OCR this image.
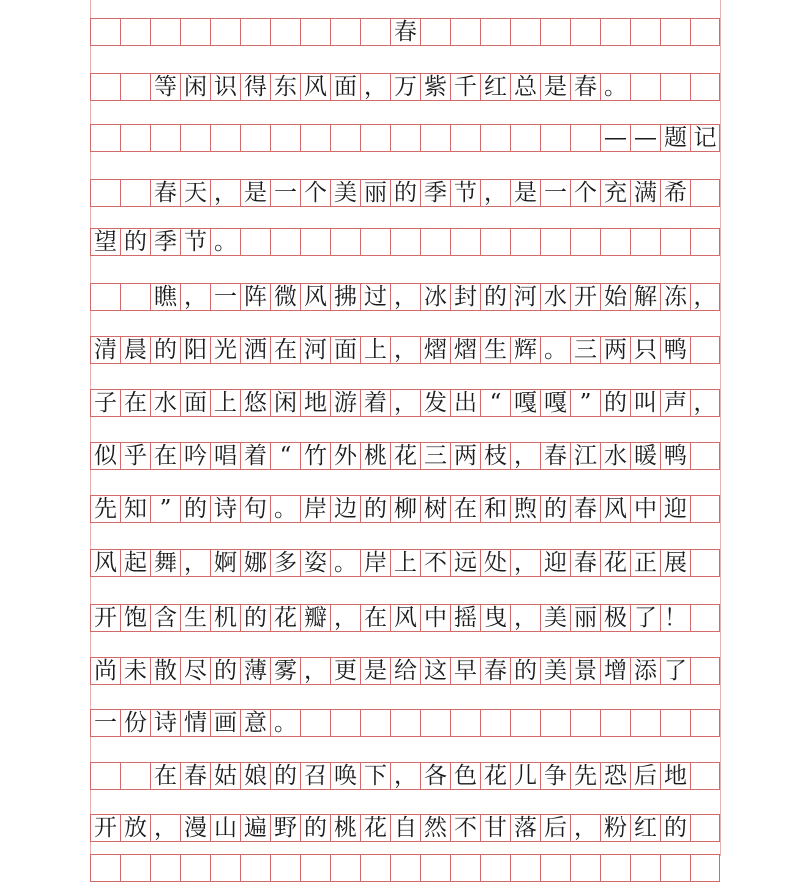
春
等 闲 识 得 东 风 面 ， 万 紫 千 红 总 是 春 。
— — 题 记
春 天 ， 是 一 个 美 丽 的 季 节 ， 是 一 个 充 满 希
望 的 季 节 。
瞧 ， 一 阵 微 风 拂 过 ， 冰 封 的 河 水 开 始 解 冻 ，
清 晨 的 阳 光 洒 在 河 面 上 ， 熠 熠 生 辉 。 三 两 只 鸭
子 在 水 面 上 悠 闲 地 游 着 ， 发 出 “ 嘎 嘎 ” 的 叫 声 ，
似 乎 在 吟 唱 着 “ 竹 外 桃 花 三 两 枝 ， 春 江 水 暖 鸭
先 知 ” 的 诗 句 。 岸 边 的 柳 树 在 和 煦 的 春 风 中 迎
风 起 舞 ， 婀 娜 多 姿 。 岸 上 不 远 处 ， 迎 春 花 正 展
开 饱 含 生 机 的 花 瓣 ， 在 风 中 摇 曳 ， 美 丽 极 了 ！
尚 未 散 尽 的 薄 雾 ， 更 是 给 这 早 春 的 美 景 增 添 了
一 份 诗 情 画 意 。
在 春 姑 娘 的 召 唤 下 ， 各 色 花 儿 争 先 恐 后 地
开 放 ， 漫 山 遍 野 的 桃 花 自 然 不 甘 落 后 ， 粉 红 的
